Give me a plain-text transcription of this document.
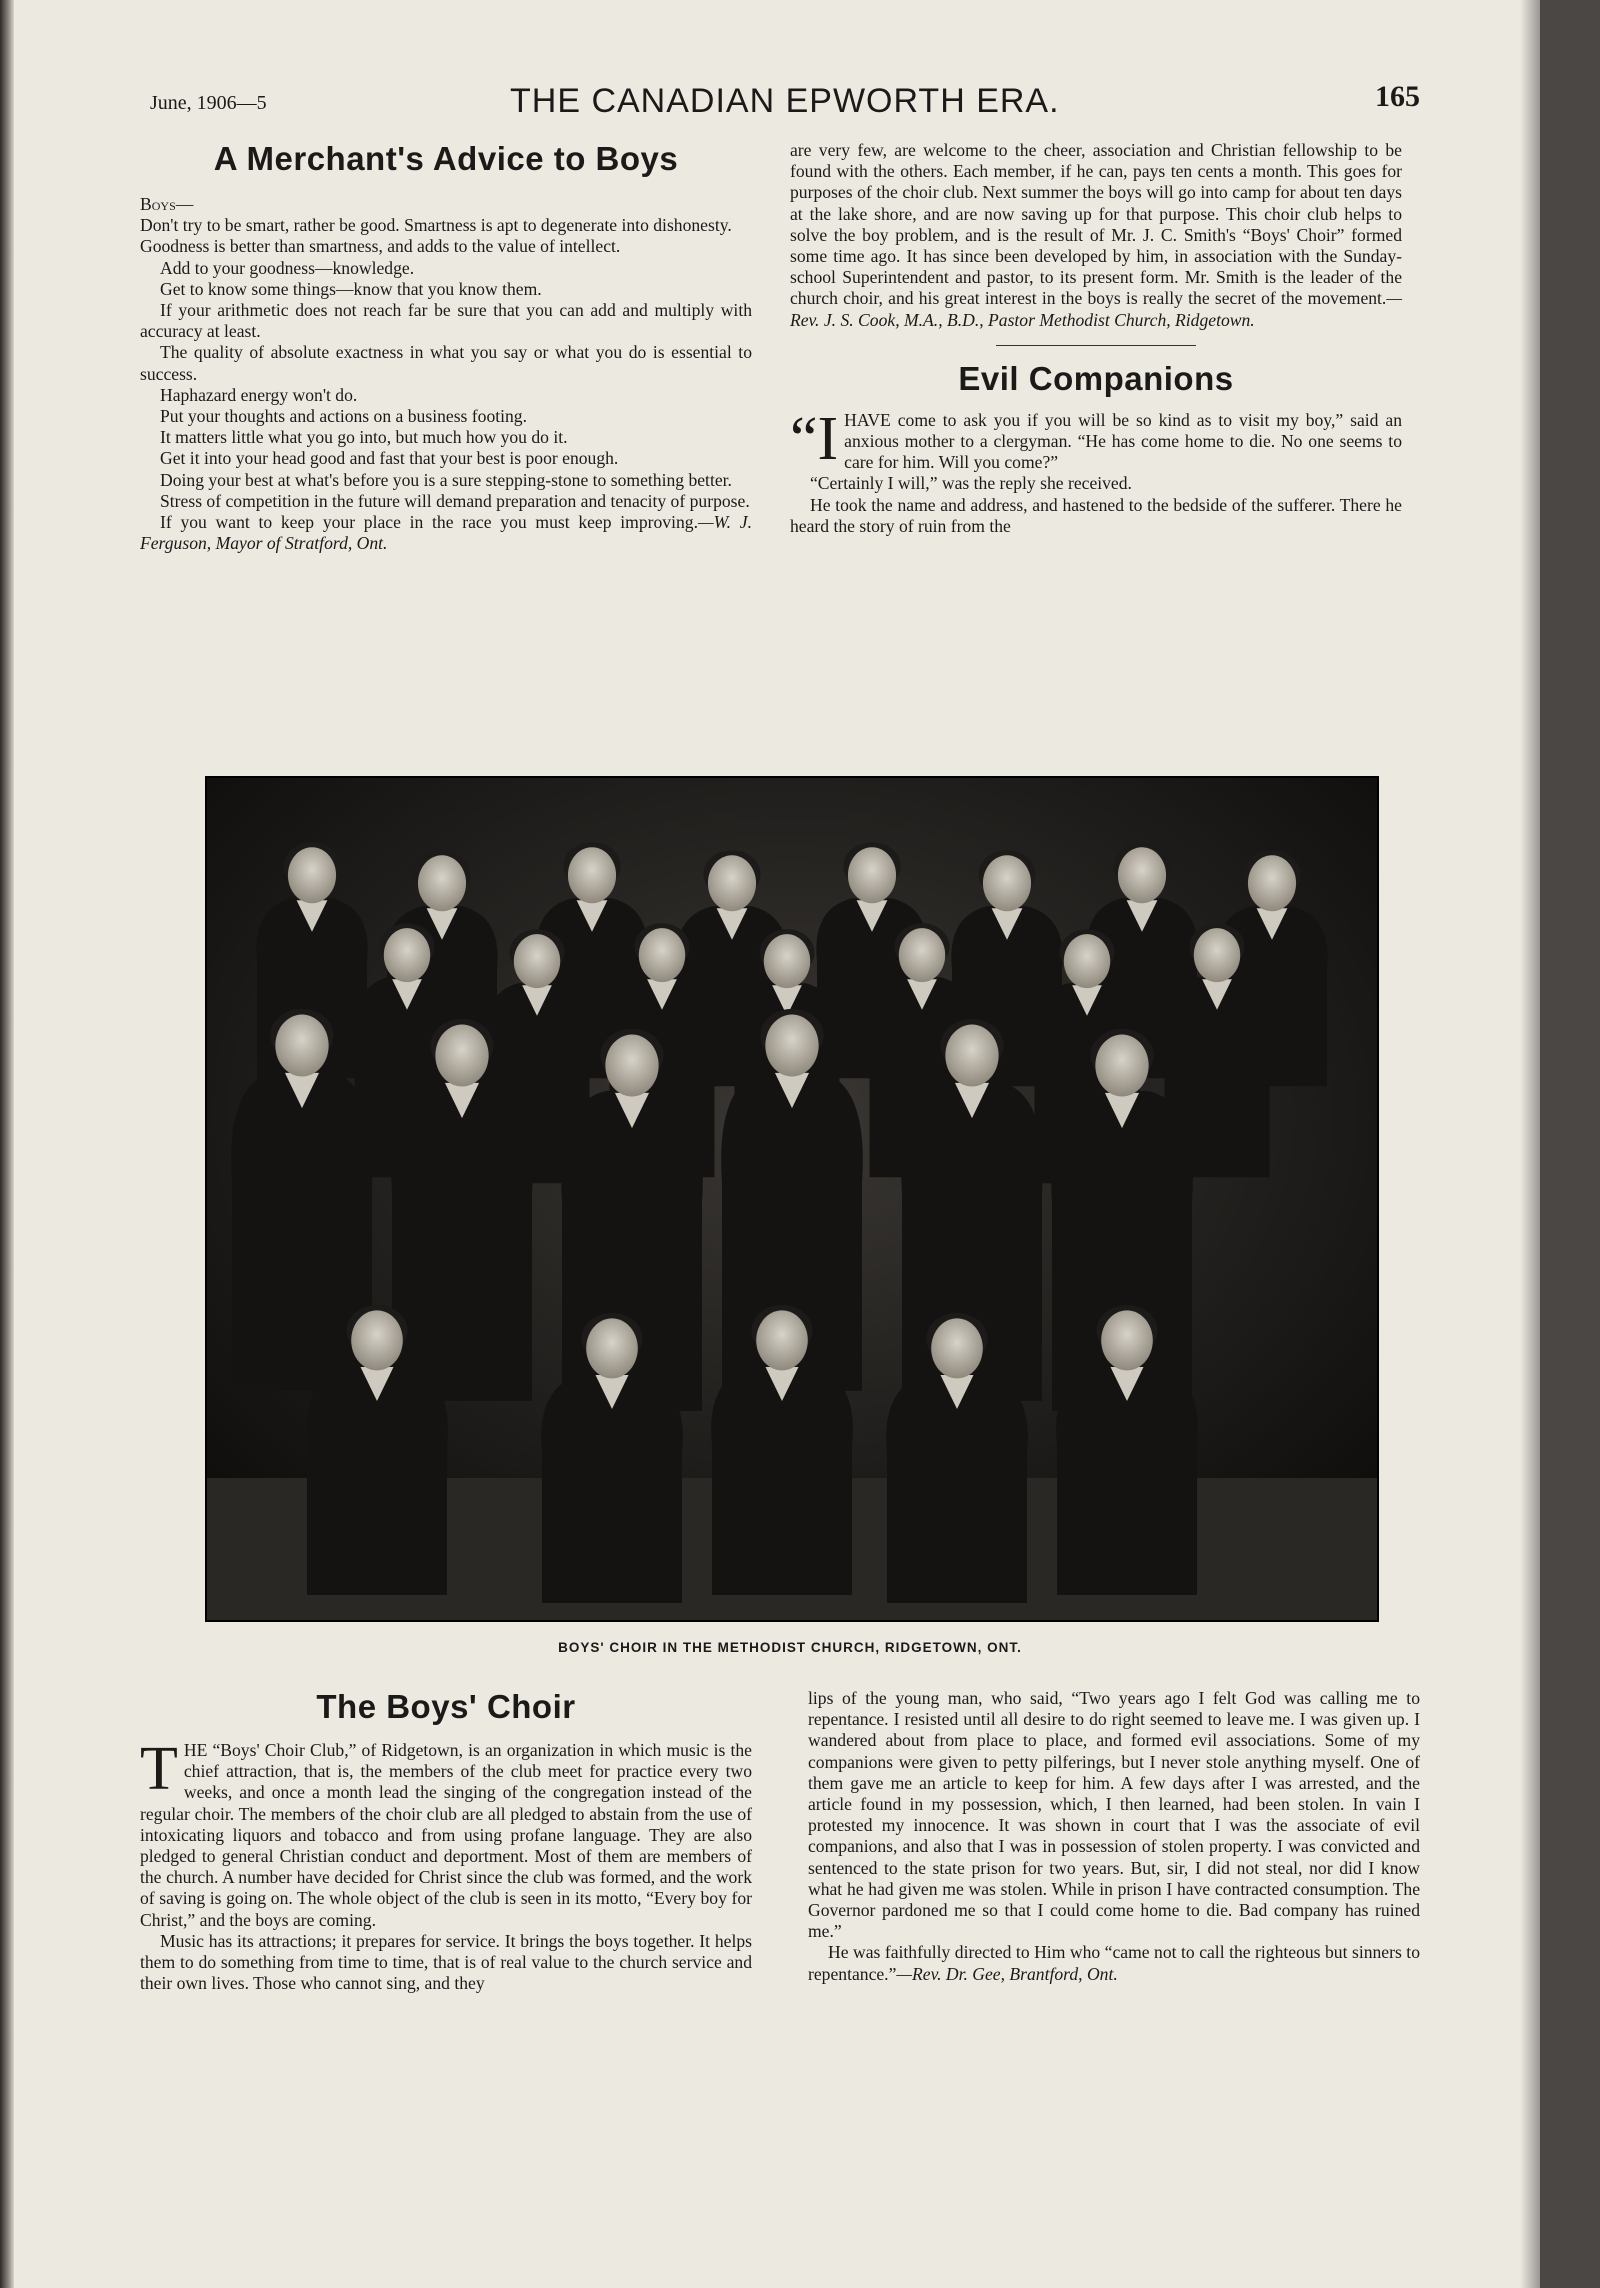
June, 1906—5	THE CANADIAN EPWORTH ERA.	165
A Merchant's Advice to Boys

Boys—

Don't try to be smart, rather be good. Smartness is apt to degenerate into dishonesty.

Goodness is better than smartness, and adds to the value of intellect.

Add to your goodness—knowledge.

Get to know some things—know that you know them.

If your arithmetic does not reach far be sure that you can add and multiply with accuracy at least.

The quality of absolute exactness in what you say or what you do is essential to success.

Haphazard energy won't do.

Put your thoughts and actions on a business footing.

It matters little what you go into, but much how you do it.

Get it into your head good and fast that your best is poor enough.

Doing your best at what's before you is a sure stepping-stone to something better.

Stress of competition in the future will demand preparation and tenacity of purpose.

If you want to keep your place in the race you must keep improving.—W. J. Ferguson, Mayor of Stratford, Ont.

are very few, are welcome to the cheer, association and Christian fellowship to be found with the others. Each member, if he can, pays ten cents a month. This goes for purposes of the choir club. Next summer the boys will go into camp for about ten days at the lake shore, and are now saving up for that purpose. This choir club helps to solve the boy problem, and is the result of Mr. J. C. Smith's “Boys' Choir” formed some time ago. It has since been developed by him, in association with the Sunday-school Superintendent and pastor, to its present form. Mr. Smith is the leader of the church choir, and his great interest in the boys is really the secret of the movement.—Rev. J. S. Cook, M.A., B.D., Pastor Methodist Church, Ridgetown.

Evil Companions

“IHAVE come to ask you if you will be so kind as to visit my boy,” said an anxious mother to a clergyman. “He has come home to die. No one seems to care for him. Will you come?”

“Certainly I will,” was the reply she received.

He took the name and address, and hastened to the bedside of the sufferer. There he heard the story of ruin from the

BOYS' CHOIR IN THE METHODIST CHURCH, RIDGETOWN, ONT.
The Boys' Choir

THE “Boys' Choir Club,” of Ridgetown, is an organization in which music is the chief attraction, that is, the members of the club meet for practice every two weeks, and once a month lead the singing of the congregation instead of the regular choir. The members of the choir club are all pledged to abstain from the use of intoxicating liquors and tobacco and from using profane language. They are also pledged to general Christian conduct and deportment. Most of them are members of the church. A number have decided for Christ since the club was formed, and the work of saving is going on. The whole object of the club is seen in its motto, “Every boy for Christ,” and the boys are coming.

Music has its attractions; it prepares for service. It brings the boys together. It helps them to do something from time to time, that is of real value to the church service and their own lives. Those who cannot sing, and they

lips of the young man, who said, “Two years ago I felt God was calling me to repentance. I resisted until all desire to do right seemed to leave me. I was given up. I wandered about from place to place, and formed evil associations. Some of my companions were given to petty pilferings, but I never stole anything myself. One of them gave me an article to keep for him. A few days after I was arrested, and the article found in my possession, which, I then learned, had been stolen. In vain I protested my innocence. It was shown in court that I was the associate of evil companions, and also that I was in possession of stolen property. I was convicted and sentenced to the state prison for two years. But, sir, I did not steal, nor did I know what he had given me was stolen. While in prison I have contracted consumption. The Governor pardoned me so that I could come home to die. Bad company has ruined me.”

He was faithfully directed to Him who “came not to call the righteous but sinners to repentance.”—Rev. Dr. Gee, Brantford, Ont.
